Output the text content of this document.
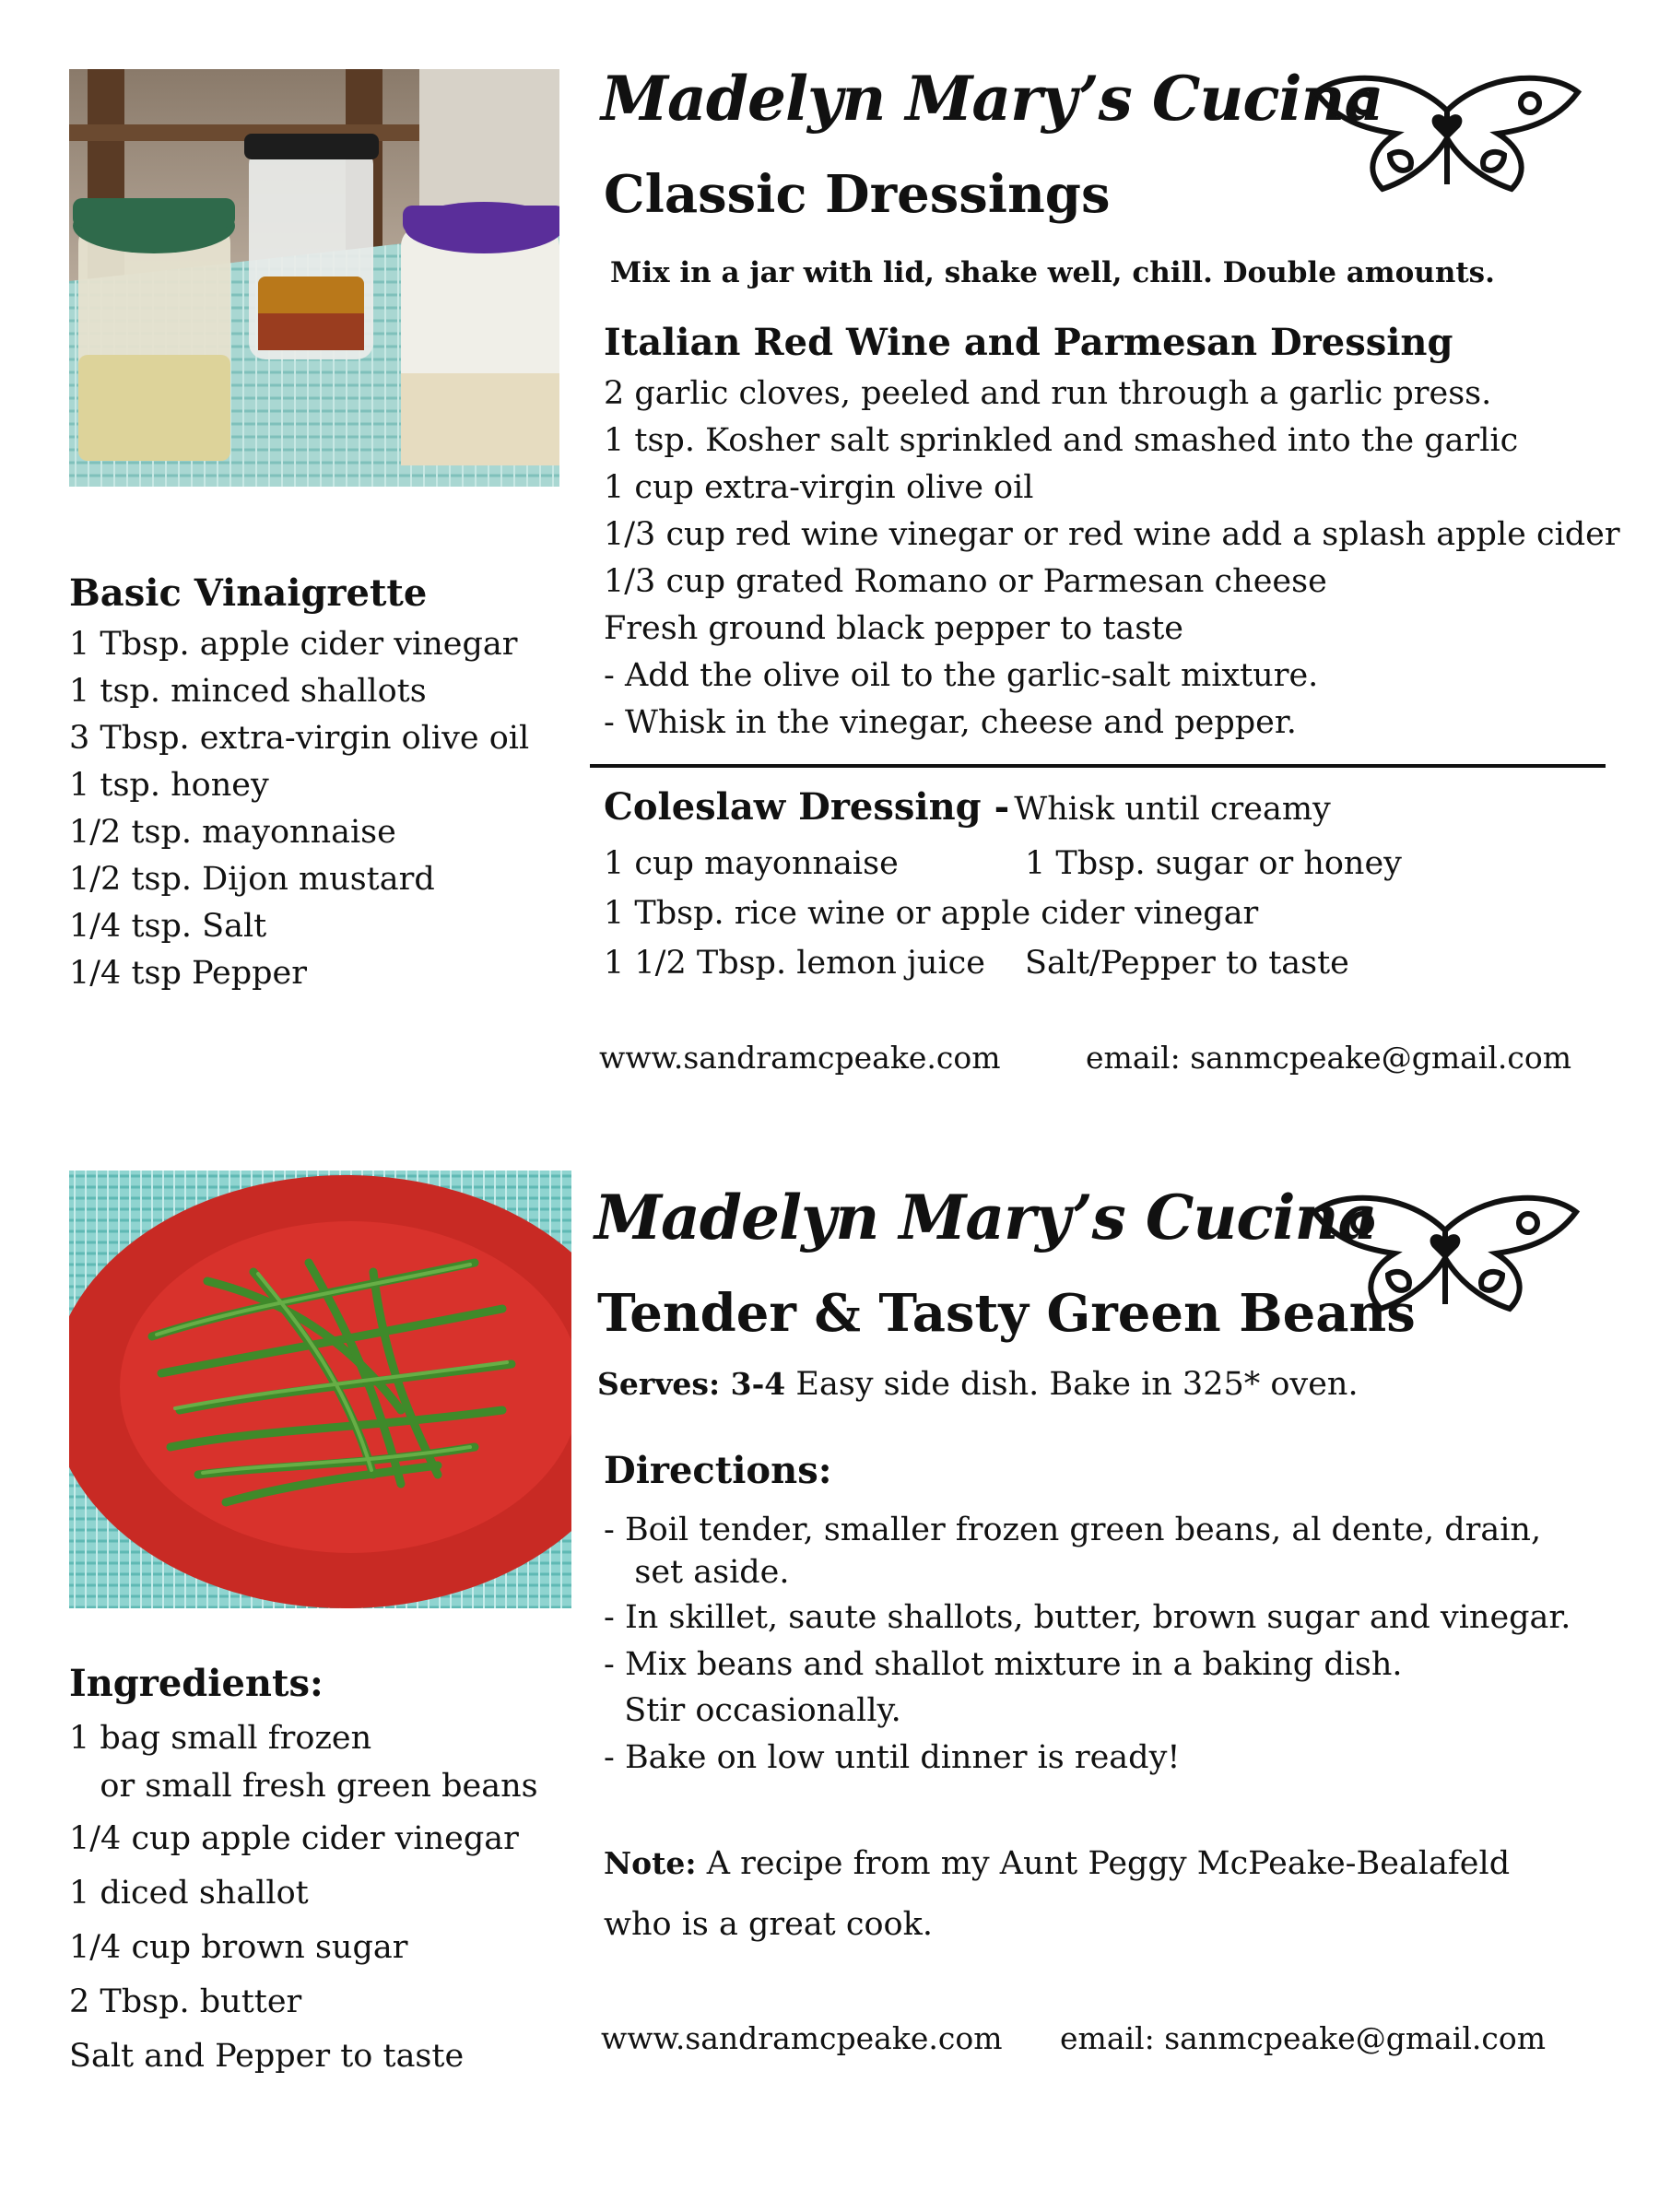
Madelyn Mary’s Cucina
Classic Dressings
Mix in a jar with lid, shake well, chill. Double amounts.
Italian Red Wine and Parmesan Dressing
2 garlic cloves, peeled and run through a garlic press.
1 tsp. Kosher salt sprinkled and smashed into the garlic
1 cup extra-virgin olive oil
1/3 cup red wine vinegar or red wine add a splash apple cider
1/3 cup grated Romano or Parmesan cheese
Fresh ground black pepper to taste
- Add the olive oil to the garlic-salt mixture.
- Whisk in the vinegar, cheese and pepper.
Basic Vinaigrette
1 Tbsp. apple cider vinegar
1 tsp. minced shallots
3 Tbsp. extra-virgin olive oil
1 tsp. honey
1/2 tsp. mayonnaise
1/2 tsp. Dijon mustard
1/4 tsp. Salt
1/4 tsp Pepper
Coleslaw Dressing - Whisk until creamy
1 cup mayonnaise	1 Tbsp. sugar or honey
1 Tbsp. rice wine or apple cider vinegar
1 1/2 Tbsp. lemon juice Salt/Pepper to taste
www.sandramcpeake.com	email: sanmcpeake@gmail.com
Madelyn Mary’s Cucina
Tender & Tasty Green Beans
Serves: 3-4 Easy side dish. Bake in 325* oven.
Directions:
- Boil tender, smaller frozen green beans, al dente, drain,
set aside.
- In skillet, saute shallots, butter, brown sugar and vinegar.
- Mix beans and shallot mixture in a baking dish.
Stir occasionally.
- Bake on low until dinner is ready!
Ingredients:
1 bag small frozen
or small fresh green beans
1/4 cup apple cider vinegar
1 diced shallot
1/4 cup brown sugar
2 Tbsp. butter
Salt and Pepper to taste
Note: A recipe from my Aunt Peggy McPeake-Bealafeld
who is a great cook.
www.sandramcpeake.com email: sanmcpeake@gmail.com
